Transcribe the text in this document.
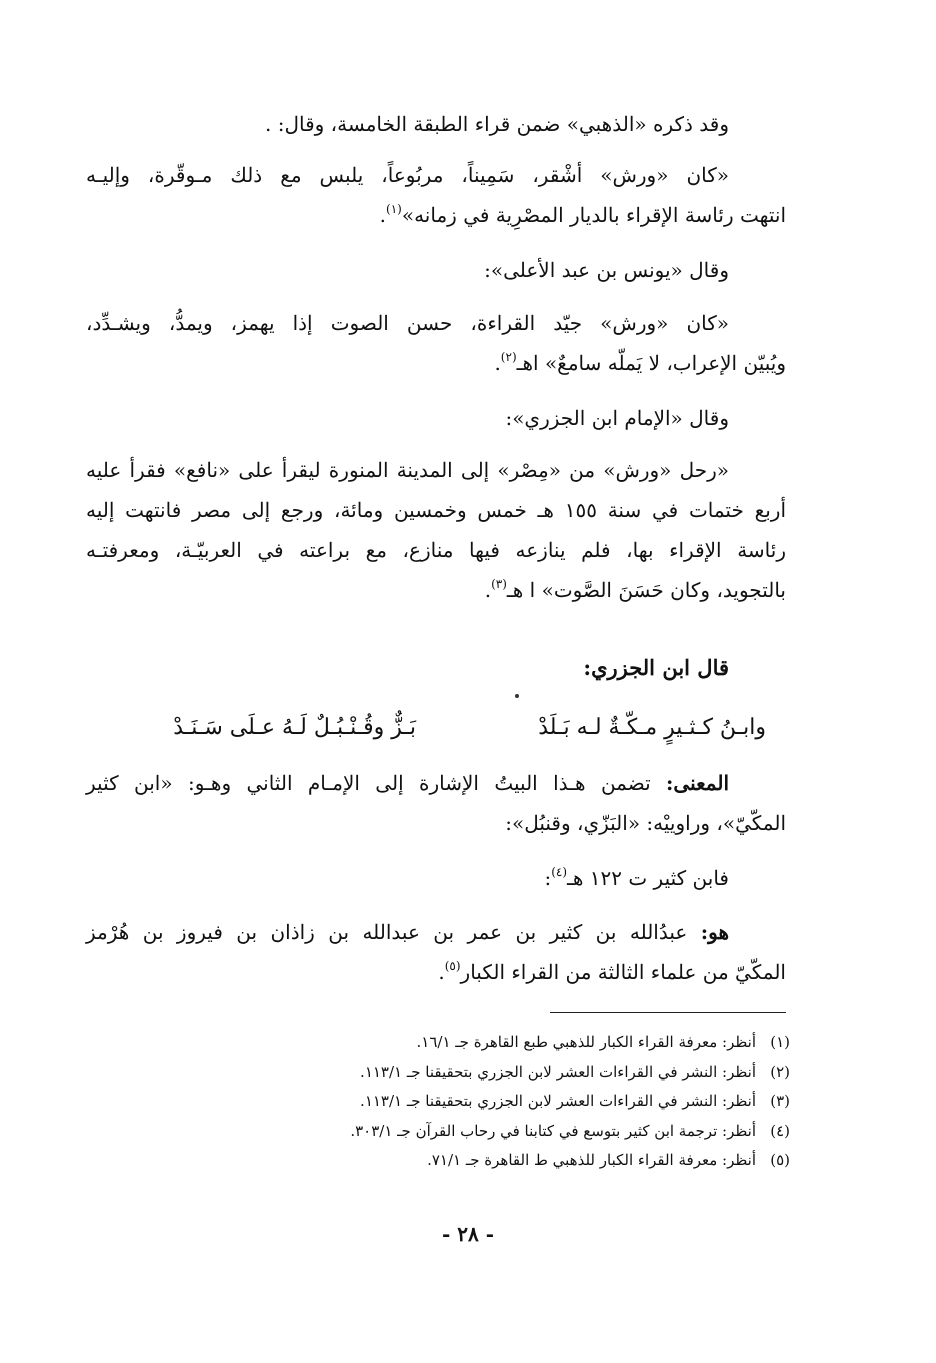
وقد ذكره «الذهبي» ضمن قراء الطبقة الخامسة، وقال: .

«كان «ورش» أشْقر، سَمِيناً، مربُوعاً، يلبس مع ذلك مـوقّرة، وإليـه
انتهت رئاسة الإقراء بالديار المصْرِية في زمانه»$^{(١)}$.

وقال «يونس بن عبد الأعلى»:

«كان «ورش» جيّد القراءة، حسن الصوت إذا يهمز، ويمدُّ، ويشـدِّد،
ويُبيّن الإعراب، لا يَملّه سامعٌ» اهـ$^{(٢)}$.

وقال «الإمام ابن الجزري»:

«رحل «ورش» من «مِصْر» إلى المدينة المنورة ليقرأ على «نافع» فقرأ عليه
أربع ختمات في سنة ١٥٥ هـ خمس وخمسين ومائة، ورجع إلى مصر فانتهت إليه
رئاسة الإقراء بها، فلم ينازعه فيها منازع، مع براعته في العربيّـة، ومعرفتـه
بالتجويد، وكان حَسَنَ الصَّوت» ا هـ$^{(٣)}$.

قال ابن الجزري:

وابـنُ كـثـيرٍ مـكّـةٌ لـه بَـلَدْ
بَـزٌّ وقُـنْـبُـلٌ لَـهُ عـلَى سَـنَـدْ
المعنى: تضمن هـذا البيتُ الإشارة إلى الإمـام الثاني وهـو: «ابن كثير
المكّيّ»، وراوييْه: «البَزّي، وقنبُل»:

فابن كثير ت ١٢٢ هـ$^{(٤)}$:

هو: عبدُالله بن كثير بن عمر بن عبدالله بن زاذان بن فيروز بن هُرْمز
المكّيّ من علماء الثالثة من القراء الكبار$^{(٥)}$.
(١)أنظر: معرفة القراء الكبار للذهبي طبع القاهرة جـ ١٦/١.
(٢)أنظر: النشر في القراءات العشر لابن الجزري بتحقيقنا جـ ١١٣/١.
(٣)أنظر: النشر في القراءات العشر لابن الجزري بتحقيقنا جـ ١١٣/١.
(٤)أنظر: ترجمة ابن كثير بتوسع في كتابنا في رحاب القرآن جـ ٣٠٣/١.
(٥)أنظر: معرفة القراء الكبار للذهبي ط القاهرة جـ ٧١/١.
- ٢٨ -
